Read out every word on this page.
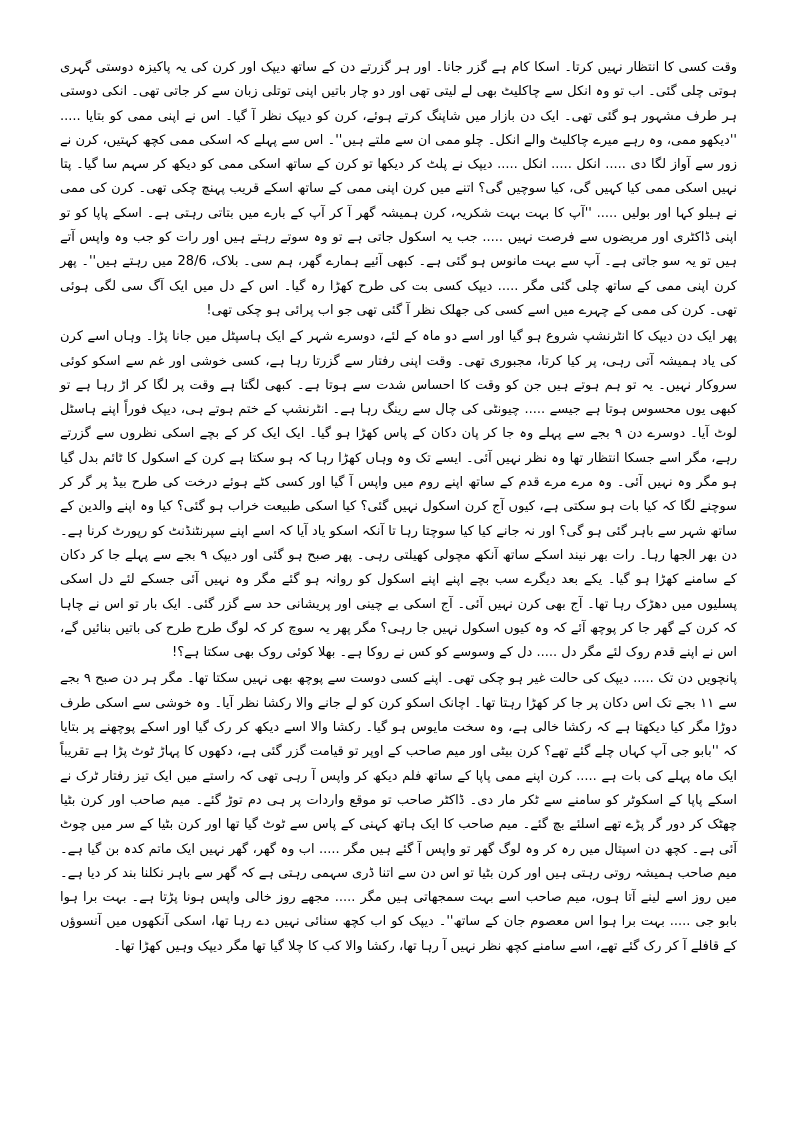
وقت کسی کا انتظار نہیں کرتا۔ اسکا کام ہے گزر جانا۔ اور ہر گزرتے دن کے ساتھ دیپک اور کرن کی یہ پاکیزہ دوستی گہری ہوتی چلی گئی۔ اب تو وہ انکل سے چاکلیٹ بھی لے لیتی تھی اور دو چار باتیں اپنی توتلی زبان سے کر جاتی تھی۔ انکی دوستی ہر طرف مشہور ہو گئی تھی۔ ایک دن بازار میں شاپنگ کرتے ہوئے، کرن کو دیپک نظر آ گیا۔ اس نے اپنی ممی کو بتایا ..... ''دیکھو ممی، وہ رہے میرے چاکلیٹ والے انکل۔ چلو ممی ان سے ملتے ہیں''۔ اس سے پہلے کہ اسکی ممی کچھ کہتیں، کرن نے زور سے آواز لگا دی ..... انکل ..... انکل ..... دیپک نے پلٹ کر دیکھا تو کرن کے ساتھ اسکی ممی کو دیکھ کر سہم سا گیا۔ پتا نہیں اسکی ممی کیا کہیں گی، کیا سوچیں گی؟ اتنے میں کرن اپنی ممی کے ساتھ اسکے قریب پہنچ چکی تھی۔ کرن کی ممی نے ہیلو کہا اور بولیں ..... ''آپ کا بہت بہت شکریہ، کرن ہمیشہ گھر آ کر آپ کے بارے میں بتاتی رہتی ہے۔ اسکے پاپا کو تو اپنی ڈاکٹری اور مریضوں سے فرصت نہیں ..... جب یہ اسکول جاتی ہے تو وہ سوتے رہتے ہیں اور رات کو جب وہ واپس آتے ہیں تو یہ سو جاتی ہے۔ آپ سے بہت مانوس ہو گئی ہے۔ کبھی آئیے ہمارے گھر، ہم سی۔ بلاک، 28/6 میں رہتے ہیں''۔ پھر کرن اپنی ممی کے ساتھ چلی گئی مگر ..... دیپک کسی بت کی طرح کھڑا رہ گیا۔ اس کے دل میں ایک آگ سی لگی ہوئی تھی۔ کرن کی ممی کے چہرے میں اسے کسی کی جھلک نظر آ گئی تھی جو اب پرائی ہو چکی تھی!

پھر ایک دن دیپک کا انٹرنشپ شروع ہو گیا اور اسے دو ماہ کے لئے، دوسرے شہر کے ایک ہاسپٹل میں جانا پڑا۔ وہاں اسے کرن کی یاد ہمیشہ آتی رہی، پر کیا کرتا، مجبوری تھی۔ وقت اپنی رفتار سے گزرتا رہا ہے، کسی خوشی اور غم سے اسکو کوئی سروکار نہیں۔ یہ تو ہم ہوتے ہیں جن کو وقت کا احساس شدت سے ہوتا ہے۔ کبھی لگتا ہے وقت پر لگا کر اڑ رہا ہے تو کبھی یوں محسوس ہوتا ہے جیسے ..... چیونٹی کی چال سے رینگ رہا ہے۔ انٹرنشپ کے ختم ہوتے ہی، دیپک فوراً اپنے ہاسٹل لوٹ آیا۔ دوسرے دن ۹ بجے سے پہلے وہ جا کر پان دکان کے پاس کھڑا ہو گیا۔ ایک ایک کر کے بچے اسکی نظروں سے گزرتے رہے، مگر اسے جسکا انتظار تھا وہ نظر نہیں آئی۔ ایسے تک وہ وہاں کھڑا رہا کہ ہو سکتا ہے کرن کے اسکول کا ٹائم بدل گیا ہو مگر وہ نہیں آئی۔ وہ مرے مرے قدم کے ساتھ اپنے روم میں واپس آ گیا اور کسی کٹے ہوئے درخت کی طرح بیڈ پر گر کر سوچنے لگا کہ کیا بات ہو سکتی ہے، کیوں آج کرن اسکول نہیں گئی؟ کیا اسکی طبیعت خراب ہو گئی؟ کیا وہ اپنے والدین کے ساتھ شہر سے باہر گئی ہو گی؟ اور نہ جانے کیا کیا سوچتا رہا تا آنکہ اسکو یاد آیا کہ اسے اپنے سپرنٹنڈنٹ کو رپورٹ کرنا ہے۔ دن بھر الجھا رہا۔ رات بھر نیند اسکے ساتھ آنکھ مچولی کھیلتی رہی۔ پھر صبح ہو گئی اور دیپک ۹ بجے سے پہلے جا کر دکان کے سامنے کھڑا ہو گیا۔ یکے بعد دیگرے سب بچے اپنے اپنے اسکول کو روانہ ہو گئے مگر وہ نہیں آئی جسکے لئے دل اسکی پسلیوں میں دھڑک رہا تھا۔ آج بھی کرن نہیں آئی۔ آج اسکی بے چینی اور پریشانی حد سے گزر گئی۔ ایک بار تو اس نے چاہا کہ کرن کے گھر جا کر پوچھ آئے کہ وہ کیوں اسکول نہیں جا رہی؟ مگر پھر یہ سوچ کر کہ لوگ طرح طرح کی باتیں بنائیں گے، اس نے اپنے قدم روک لئے مگر دل ..... دل کے وسوسے کو کس نے روکا ہے۔ بھلا کوئی روک بھی سکتا ہے؟!

پانچویں دن تک ..... دیپک کی حالت غیر ہو چکی تھی۔ اپنے کسی دوست سے پوچھ بھی نہیں سکتا تھا۔ مگر ہر دن صبح ۹ بجے سے ۱۱ بجے تک اس دکان پر جا کر کھڑا رہتا تھا۔ اچانک اسکو کرن کو لے جانے والا رکشا نظر آیا۔ وہ خوشی سے اسکی طرف دوڑا مگر کیا دیکھتا ہے کہ رکشا خالی ہے، وہ سخت مایوس ہو گیا۔ رکشا والا اسے دیکھ کر رک گیا اور اسکے پوچھنے پر بتایا کہ ''بابو جی آپ کہاں چلے گئے تھے؟ کرن بیٹی اور میم صاحب کے اوپر تو قیامت گزر گئی ہے، دکھوں کا پہاڑ ٹوٹ پڑا ہے تقریباً ایک ماہ پہلے کی بات ہے ..... کرن اپنے ممی پاپا کے ساتھ فلم دیکھ کر واپس آ رہی تھی کہ راستے میں ایک تیز رفتار ٹرک نے اسکے پاپا کے اسکوٹر کو سامنے سے ٹکر مار دی۔ ڈاکٹر صاحب تو موقع واردات پر ہی دم توڑ گئے۔ میم صاحب اور کرن بٹیا چھٹک کر دور گر پڑے تھے اسلئے بچ گئے۔ میم صاحب کا ایک ہاتھ کہنی کے پاس سے ٹوٹ گیا تھا اور کرن بٹیا کے سر میں چوٹ آئی ہے۔ کچھ دن اسپتال میں رہ کر وہ لوگ گھر تو واپس آ گئے ہیں مگر ..... اب وہ گھر، گھر نہیں ایک ماتم کدہ بن گیا ہے۔ میم صاحب ہمیشہ روتی رہتی ہیں اور کرن بٹیا تو اس دن سے اتنا ڈری سہمی رہتی ہے کہ گھر سے باہر نکلنا بند کر دیا ہے۔ میں روز اسے لینے آتا ہوں، میم صاحب اسے بہت سمجھاتی ہیں مگر ..... مجھے روز خالی واپس ہونا پڑتا ہے۔ بہت برا ہوا بابو جی ..... بہت برا ہوا اس معصوم جان کے ساتھ''۔ دیپک کو اب کچھ سنائی نہیں دے رہا تھا، اسکی آنکھوں میں آنسوؤں کے قافلے آ کر رک گئے تھے، اسے سامنے کچھ نظر نہیں آ رہا تھا، رکشا والا کب کا چلا گیا تھا مگر دیپک وہیں کھڑا تھا۔
